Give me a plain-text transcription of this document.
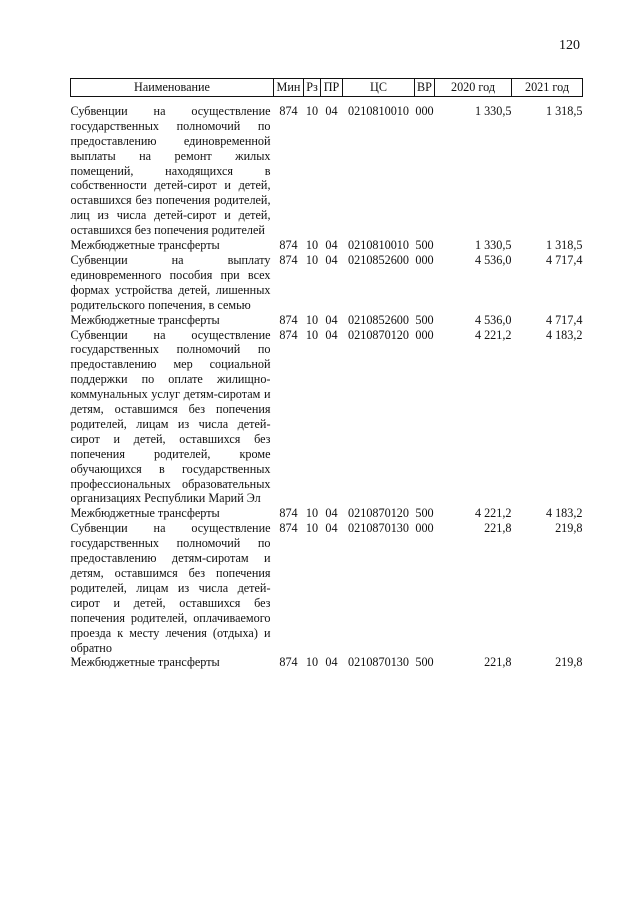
120
Наименование	Мин	Рз	ПР	ЦС	ВР	2020 год	2021 год
Субвенции на осуществление государственных полномочий по предоставлению единовременной выплаты на ремонт жилых помещений, находящихся в собственности детей-сирот и детей, оставшихся без попечения родителей, лиц из числа детей-сирот и детей, оставшихся без попечения родителей	874	10	04	0210810010	000	1 330,5	1 318,5
Межбюджетные трансферты	874	10	04	0210810010	500	1 330,5	1 318,5
Субвенции на выплату единовременного пособия при всех формах устройства детей, лишенных родительского попечения, в семью	874	10	04	0210852600	000	4 536,0	4 717,4
Межбюджетные трансферты	874	10	04	0210852600	500	4 536,0	4 717,4
Субвенции на осуществление государственных полномочий по предоставлению мер социальной поддержки по оплате жилищно-коммунальных услуг детям-сиротам и детям, оставшимся без попечения родителей, лицам из числа детей-сирот и детей, оставшихся без попечения родителей, кроме обучающихся в государственных профессиональных образовательных организациях Республики Марий Эл	874	10	04	0210870120	000	4 221,2	4 183,2
Межбюджетные трансферты	874	10	04	0210870120	500	4 221,2	4 183,2
Субвенции на осуществление государственных полномочий по предоставлению детям-сиротам и детям, оставшимся без попечения родителей, лицам из числа детей-сирот и детей, оставшихся без попечения родителей, оплачиваемого проезда к месту лечения (отдыха) и обратно	874	10	04	0210870130	000	221,8	219,8
Межбюджетные трансферты	874	10	04	0210870130	500	221,8	219,8
